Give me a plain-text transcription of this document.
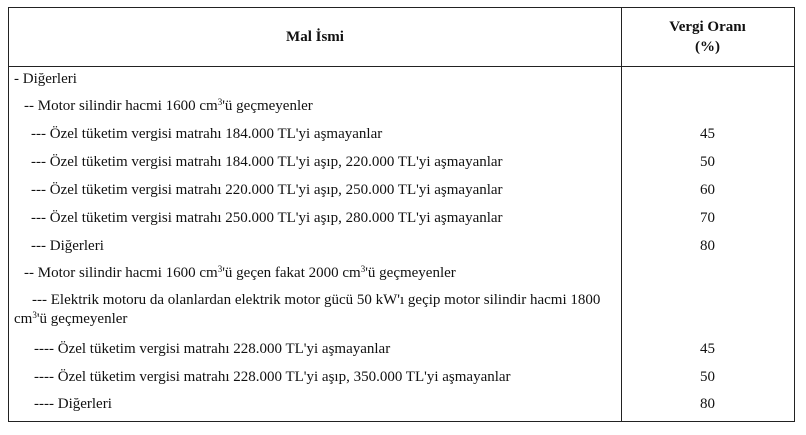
Mal İsmi
Vergi Oranı
(%)
- Diğerleri
-- Motor silindir hacmi 1600 $cm^3'ü$ geçmeyenler
--- Özel tüketim vergisi matrahı 184.000 TL'yi aşmayanlar	45
--- Özel tüketim vergisi matrahı 184.000 TL'yi aşıp, 220.000 TL'yi aşmayanlar	50
--- Özel tüketim vergisi matrahı 220.000 TL'yi aşıp, 250.000 TL'yi aşmayanlar	60
--- Özel tüketim vergisi matrahı 250.000 TL'yi aşıp, 280.000 TL'yi aşmayanlar	70
--- Diğerleri	80
-- Motor silindir hacmi 1600 $cm^3'ü$ geçen fakat 2000 $cm^3'ü$ geçmeyenler
--- Elektrik motoru da olanlardan elektrik motor gücü 50 kW'ı geçip motor silindir hacmi 1800 $cm^3'ü$ geçmeyenler
---- Özel tüketim vergisi matrahı 228.000 TL'yi aşmayanlar	45
---- Özel tüketim vergisi matrahı 228.000 TL'yi aşıp, 350.000 TL'yi aşmayanlar	50
---- Diğerleri	80
